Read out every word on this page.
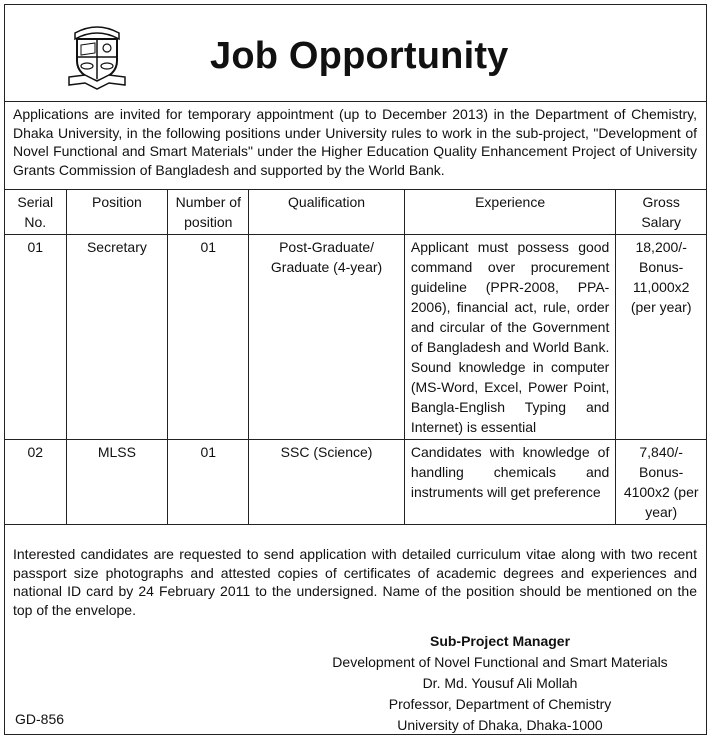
Job Opportunity
Applications are invited for temporary appointment (up to December 2013) in the Department of Chemistry, Dhaka University, in the following positions under University rules to work in the sub-project, "Development of Novel Functional and Smart Materials" under the Higher Education Quality Enhancement Project of University Grants Commission of Bangladesh and supported by the World Bank.
Serial No.	Position	Number of position	Qualification	Experience	Gross Salary
01	Secretary	01	Post-Graduate/ Graduate (4-year)	Applicant must possess good command over procurement guideline (PPR-2008, PPA-2006), financial act, rule, order and circular of the Government of Bangladesh and World Bank. Sound knowledge in computer (MS-Word, Excel, Power Point, Bangla-English Typing and Internet) is essential	18,200/- Bonus- 11,000x2 (per year)
02	MLSS	01	SSC (Science)	Candidates with knowledge of handling chemicals and instruments will get preference	7,840/- Bonus- 4100x2 (per year)
Interested candidates are requested to send application with detailed curriculum vitae along with two recent passport size photographs and attested copies of certificates of academic degrees and experiences and national ID card by 24 February 2011 to the undersigned. Name of the position should be mentioned on the top of the envelope.
Sub-Project Manager
Development of Novel Functional and Smart Materials
Dr. Md. Yousuf Ali Mollah
Professor, Department of Chemistry
University of Dhaka, Dhaka-1000
GD-856
